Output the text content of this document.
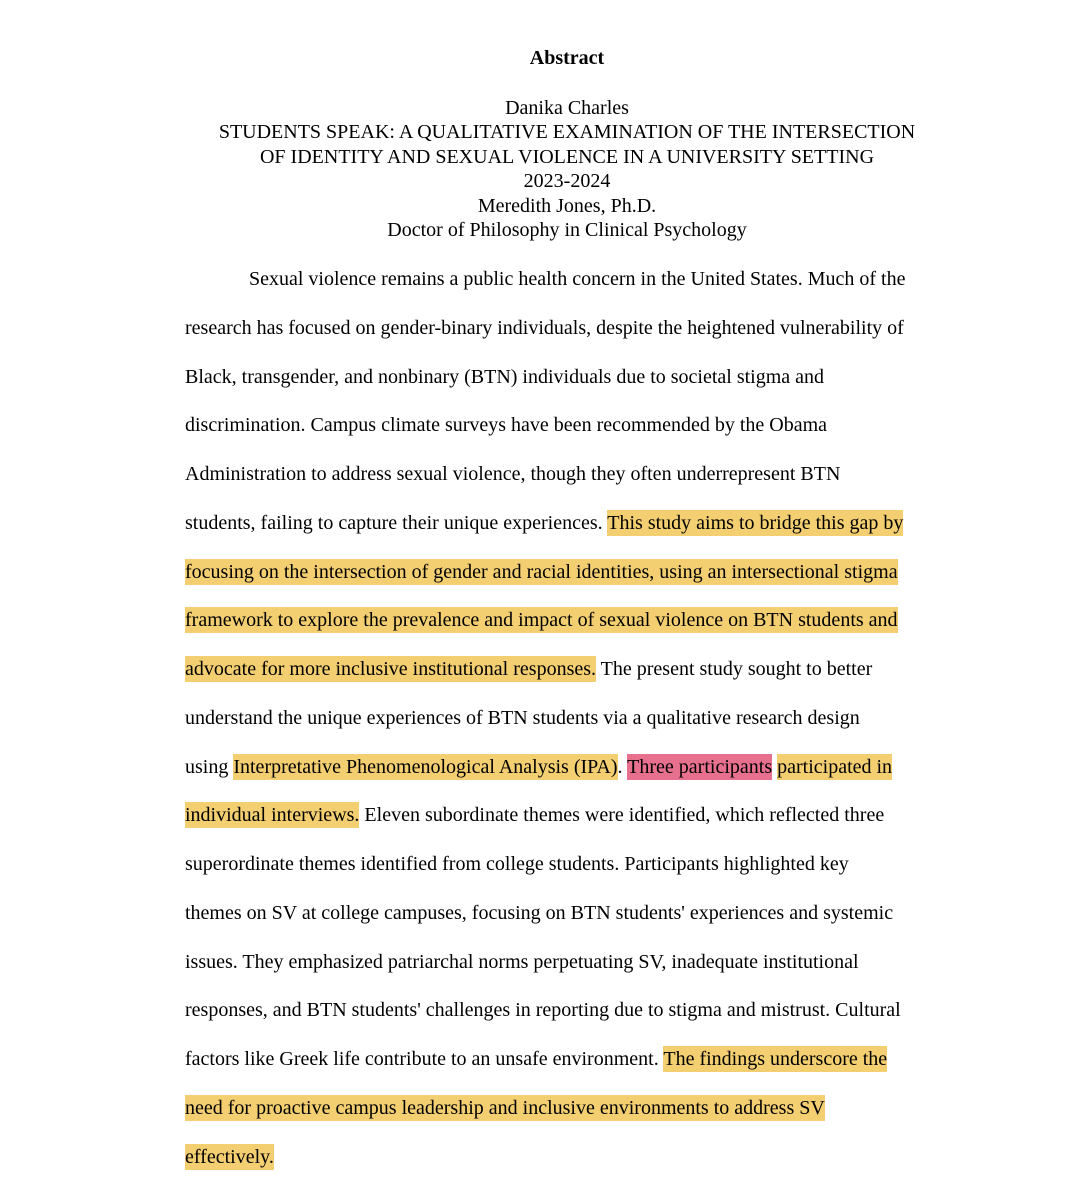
Abstract
Danika Charles
STUDENTS SPEAK: A QUALITATIVE EXAMINATION OF THE INTERSECTION
OF IDENTITY AND SEXUAL VIOLENCE IN A UNIVERSITY SETTING
2023-2024
Meredith Jones, Ph.D.
Doctor of Philosophy in Clinical Psychology
Sexual violence remains a public health concern in the United States. Much of the
research has focused on gender-binary individuals, despite the heightened vulnerability of
Black, transgender, and nonbinary (BTN) individuals due to societal stigma and
discrimination. Campus climate surveys have been recommended by the Obama
Administration to address sexual violence, though they often underrepresent BTN
students, failing to capture their unique experiences. This study aims to bridge this gap by
focusing on the intersection of gender and racial identities, using an intersectional stigma
framework to explore the prevalence and impact of sexual violence on BTN students and
advocate for more inclusive institutional responses. The present study sought to better
understand the unique experiences of BTN students via a qualitative research design
using Interpretative Phenomenological Analysis (IPA). Three participants participated in
individual interviews. Eleven subordinate themes were identified, which reflected three
superordinate themes identified from college students. Participants highlighted key
themes on SV at college campuses, focusing on BTN students' experiences and systemic
issues. They emphasized patriarchal norms perpetuating SV, inadequate institutional
responses, and BTN students' challenges in reporting due to stigma and mistrust. Cultural
factors like Greek life contribute to an unsafe environment. The findings underscore the
need for proactive campus leadership and inclusive environments to address SV
effectively.
